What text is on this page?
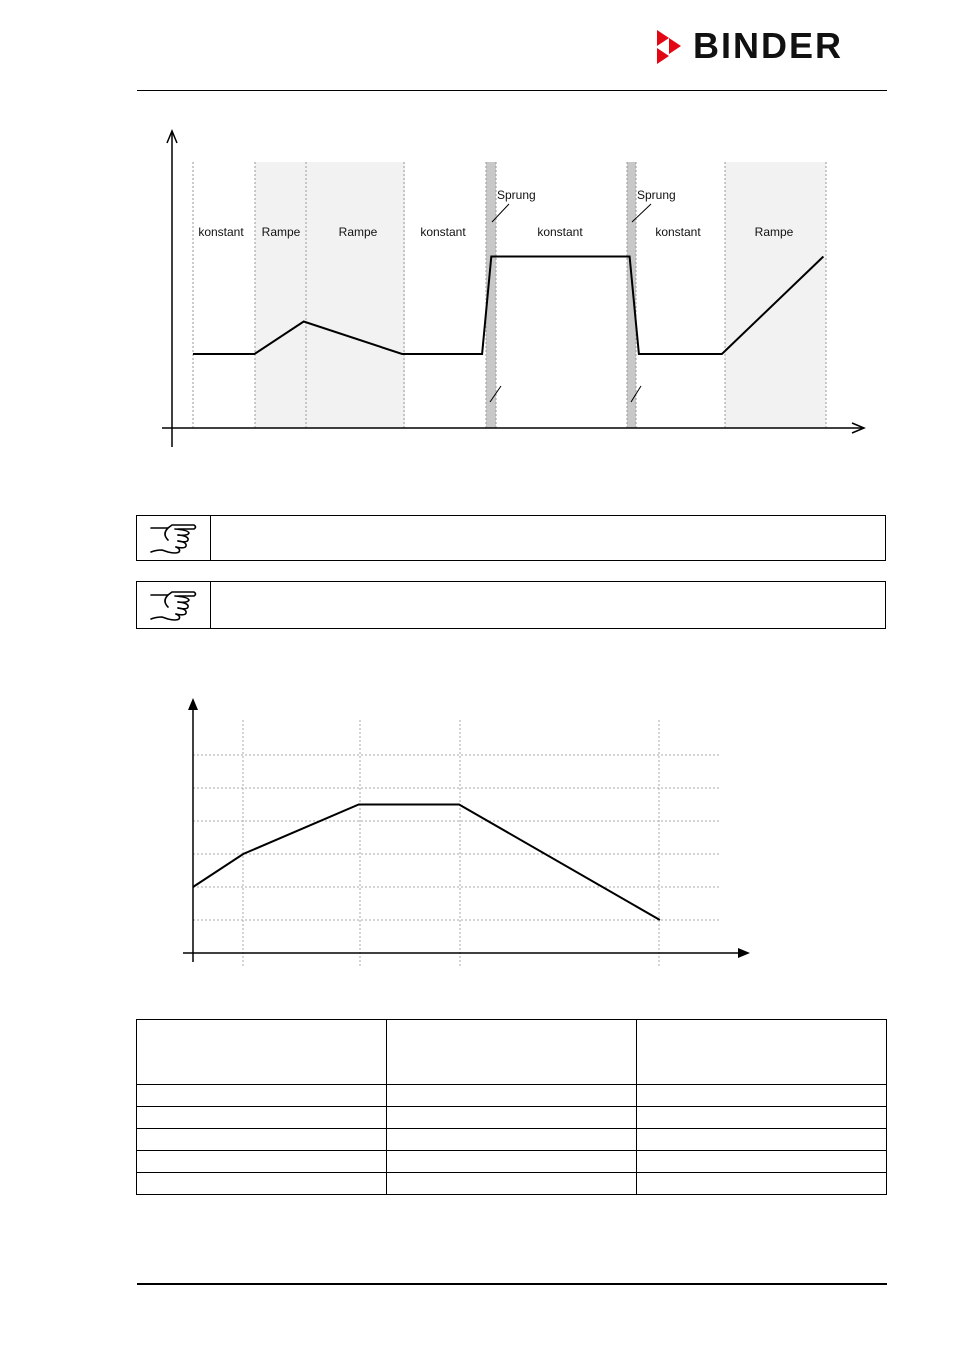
BINDER
konstant Rampe	Rampe	konstant	konstant	konstant	Rampe
Sprung	Sprung
